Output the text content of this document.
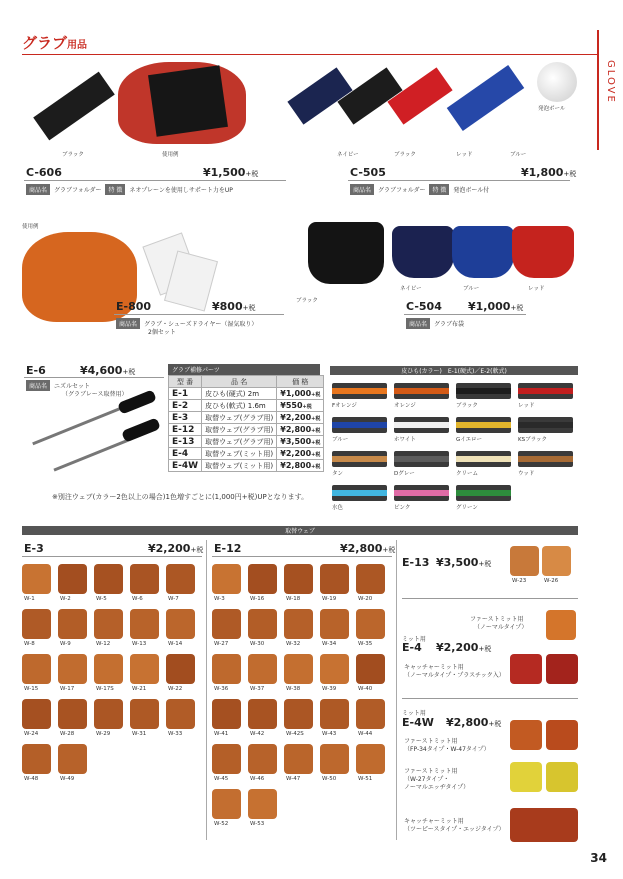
グラブ用品
GLOVE
ブラック	使用例
C-606	¥1,500+税
商品名	グラブフォルダー	特 徴	ネオプレーンを使用しサポート力をUP
ネイビー	ブラック	レッド	ブルー
発泡ボール
C-505	¥1,800+税
商品名	グラブフォルダー	特 徴	発泡ボール付
使用例
E-800	¥800+税
商品名	グラブ・シューズドライヤー（湿気取り）
2個セット
ブラック
ネイビー	ブルー	レッド
C-504 ¥1,000+税
商品名	グラブ布袋
E-6	¥4,600+税
商品名	ニズルセット
（グラブレース取替用）
グラブ補修パーツ
型 番	品 名	価 格
E-1	皮ひも(硬式) 2m	¥1,000+税
E-2	皮ひも(軟式) 1.6m	¥550+税
E-3	取替ウェブ(グラブ用)	¥2,200+税
E-12	取替ウェブ(グラブ用)	¥2,800+税
E-13	取替ウェブ(グラブ用)	¥3,500+税
E-4	取替ウェブ(ミット用)	¥2,200+税
E-4W	取替ウェブ(ミット用)	¥2,800+税
※別注ウェブ(カラー2色以上の場合)1色増すごとに(1,000円+税)UPとなります。
皮ひも(カラー)　E-1(硬式)／E-2(軟式)
Fオレンジ	オレンジ	ブラック	レッド
ブルー	ホワイト	Gイエロー	KSブラック
タン	Dグレー	クリーム	ウッド
水色	ピンク	グリーン
取替ウェブ
E-3	¥2,200+税
W-1	W-2	W-5	W-6	W-7
W-8	W-9	W-12	W-13	W-14
W-15	W-17	W-17S	W-21	W-22
W-24	W-28	W-29	W-31	W-33
W-48	W-49
E-12	¥2,800+税
W-3	W-16	W-18	W-19	W-20
W-27	W-30	W-32	W-34	W-35
W-36	W-37	W-38	W-39	W-40
W-41	W-42	W-42S	W-43	W-44
W-45	W-46	W-47	W-50	W-51
W-52	W-53
E-13 ¥3,500+税
W-23	W-26
ファーストミット用
（ノーマルタイプ）
ミット用
E-4 ¥2,200+税
キャッチャーミット用
（ノーマルタイプ・プラスチック入）
ミット用
E-4W ¥2,800+税
ファーストミット用
（FP-34タイプ・W-47タイプ）
ファーストミット用
（W-27タイプ・
ノーマルエッヂタイプ）
キャッチャーミット用
（ツーピースタイプ・エッジタイプ）
34
